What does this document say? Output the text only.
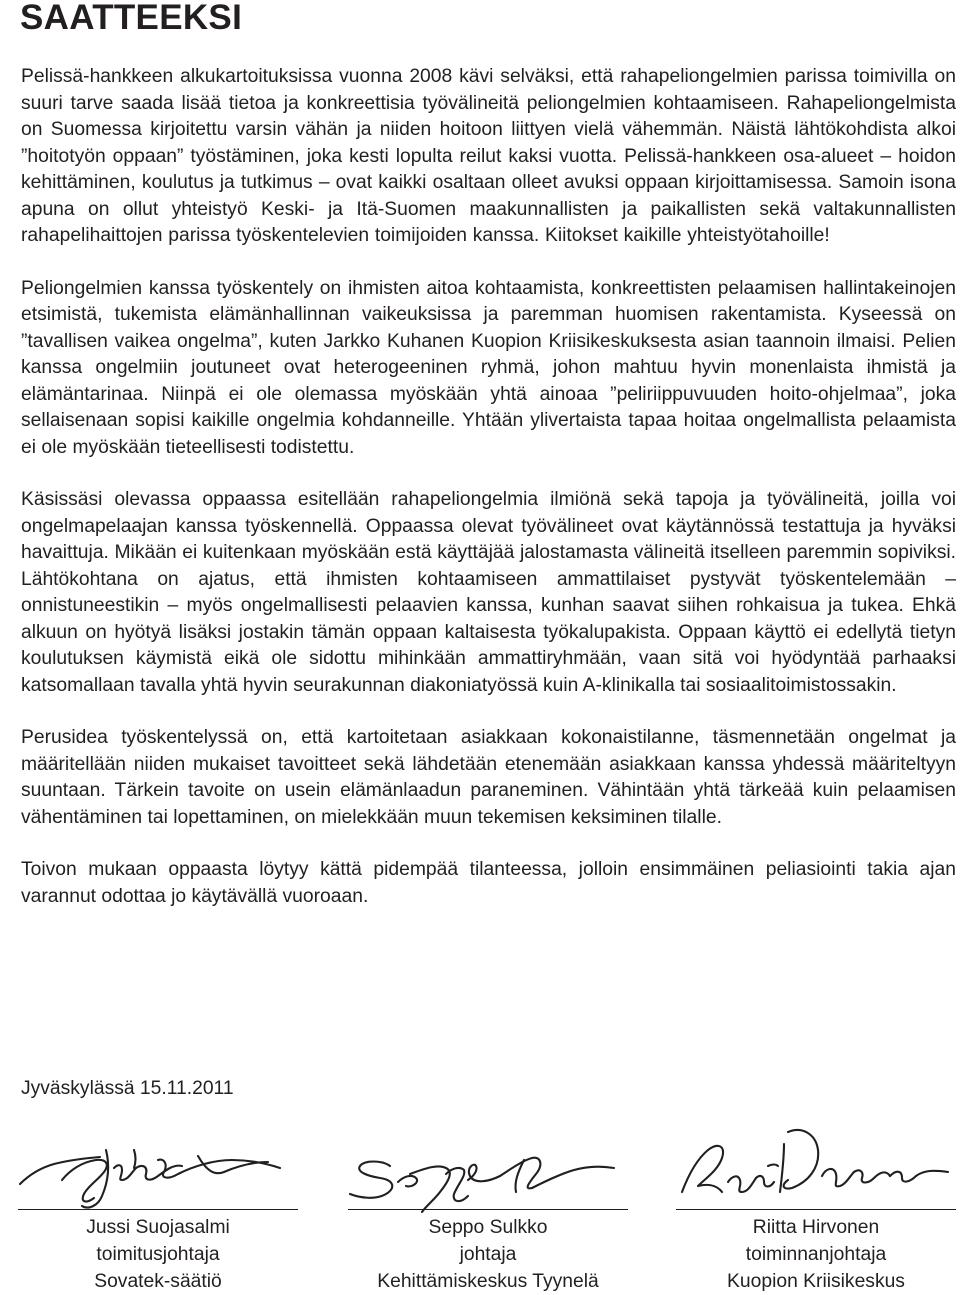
SAATTEEKSI

Pelissä-hankkeen alkukartoituksissa vuonna 2008 kävi selväksi, että rahapeliongelmien parissa toimivilla on suuri tarve saada lisää tietoa ja konkreettisia työvälineitä peliongelmien kohtaamiseen. Rahapeliongelmista on Suomessa kirjoitettu varsin vähän ja niiden hoitoon liittyen vielä vähemmän. Näistä lähtökohdista alkoi ”hoitotyön oppaan” työstäminen, joka kesti lopulta reilut kaksi vuotta. Pelissä-hankkeen osa-alueet – hoidon kehittäminen, koulutus ja tutkimus – ovat kaikki osaltaan olleet avuksi oppaan kirjoittamisessa. Samoin isona apuna on ollut yhteistyö Keski- ja Itä-Suomen maakunnallisten ja paikallisten sekä valtakunnallisten rahapelihaittojen parissa työskentelevien toimijoiden kanssa. Kiitokset kaikille yhteistyötahoille!

Peliongelmien kanssa työskentely on ihmisten aitoa kohtaamista, konkreettisten pelaamisen hallintakeinojen etsimistä, tukemista elämänhallinnan vaikeuksissa ja paremman huomisen rakentamista. Kyseessä on ”tavallisen vaikea ongelma”, kuten Jarkko Kuhanen Kuopion Kriisikeskuksesta asian taannoin ilmaisi. Pelien kanssa ongelmiin joutuneet ovat heterogeeninen ryhmä, johon mahtuu hyvin monenlaista ihmistä ja elämäntarinaa. Niinpä ei ole olemassa myöskään yhtä ainoaa ”peliriippuvuuden hoito-ohjelmaa”, joka sellaisenaan sopisi kaikille ongelmia kohdanneille. Yhtään ylivertaista tapaa hoitaa ongelmallista pelaamista ei ole myöskään tieteellisesti todistettu.

Käsissäsi olevassa oppaassa esitellään rahapeliongelmia ilmiönä sekä tapoja ja työvälineitä, joilla voi ongelmapelaajan kanssa työskennellä. Oppaassa olevat työvälineet ovat käytännössä testattuja ja hyväksi havaittuja. Mikään ei kuitenkaan myöskään estä käyttäjää jalostamasta välineitä itselleen paremmin sopiviksi. Lähtökohtana on ajatus, että ihmisten kohtaamiseen ammattilaiset pystyvät työskentelemään – onnistuneestikin – myös ongelmallisesti pelaavien kanssa, kunhan saavat siihen rohkaisua ja tukea. Ehkä alkuun on hyötyä lisäksi jostakin tämän oppaan kaltaisesta työkalupakista. Oppaan käyttö ei edellytä tietyn koulutuksen käymistä eikä ole sidottu mihinkään ammattiryhmään, vaan sitä voi hyödyntää parhaaksi katsomallaan tavalla yhtä hyvin seurakunnan diakoniatyössä kuin A-klinikalla tai sosiaalitoimistossakin.

Perusidea työskentelyssä on, että kartoitetaan asiakkaan kokonaistilanne, täsmennetään ongelmat ja määritellään niiden mukaiset tavoitteet sekä lähdetään etenemään asiakkaan kanssa yhdessä määriteltyyn suuntaan. Tärkein tavoite on usein elämänlaadun paraneminen. Vähintään yhtä tärkeää kuin pelaamisen vähentäminen tai lopettaminen, on mielekkään muun tekemisen keksiminen tilalle.

Toivon mukaan oppaasta löytyy kättä pidempää tilanteessa, jolloin ensimmäinen peliasiointi takia ajan varannut odottaa jo käytävällä vuoroaan.

Jyväskylässä 15.11.2011

Jussi Suojasalmi
toimitusjohtaja
Sovatek-säätiö
Seppo Sulkko
johtaja
Kehittämiskeskus Tyynelä
Riitta Hirvonen
toiminnanjohtaja
Kuopion Kriisikeskus
